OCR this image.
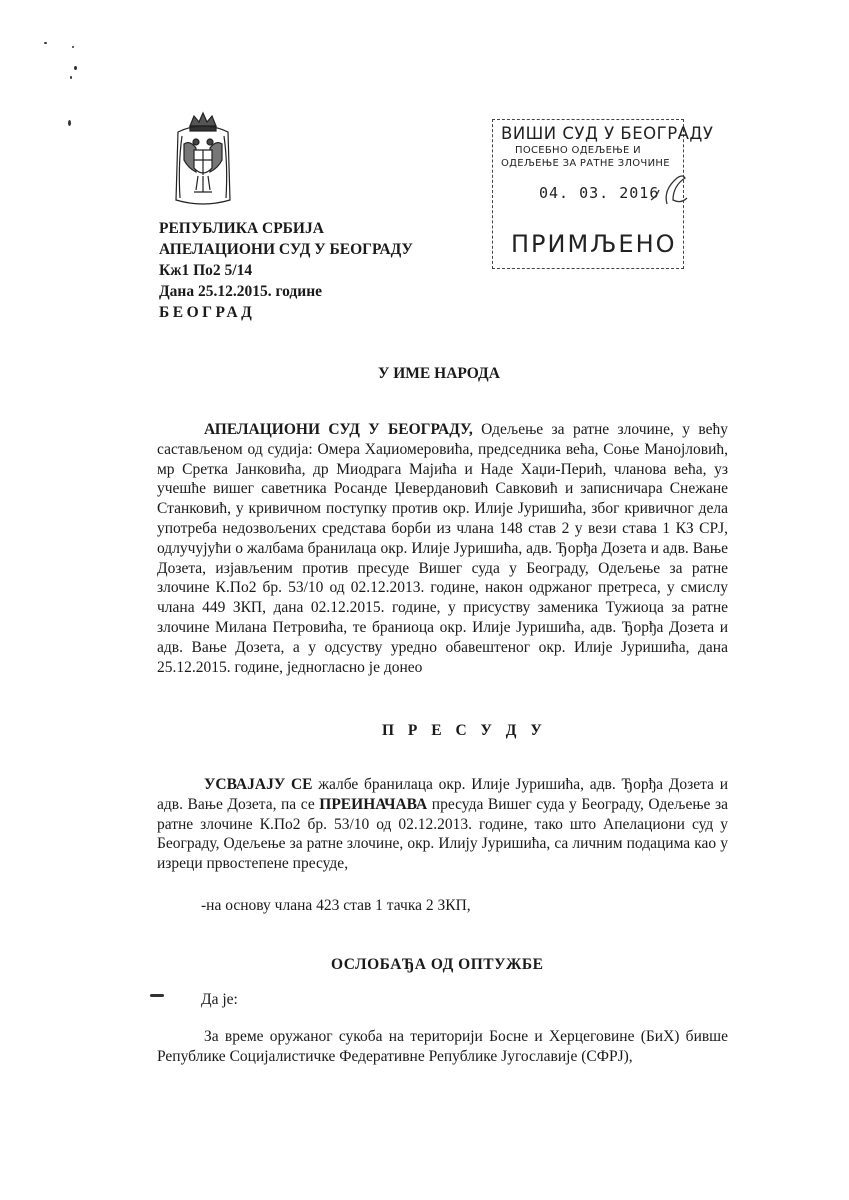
РЕПУБЛИКА СРБИЈА
АПЕЛАЦИОНИ СУД У БЕОГРАДУ
Кж1 По2 5/14
Дана 25.12.2015. године
БЕОГРАД
ВИШИ СУД У БЕОГРАДУ
ПОСЕБНО ОДЕЉЕЊЕ И
ОДЕЉЕЊЕ ЗА РАТНЕ ЗЛОЧИНЕ
04. 03. 2016
ПРИМЉЕНО
У ИМЕ НАРОДА
АПЕЛАЦИОНИ СУД У БЕОГРАДУ, Одељење за ратне злочине, у већу састављеном од судија: Омера Хаџиомеровића, председника већа, Соње Манојловић, мр Сретка Јанковића, др Миодрага Мајића и Наде Хаџи-Перић, чланова већа, уз учешће вишег саветника Росанде Џевердановић Савковић и записничара Снежане Станковић, у кривичном поступку против окр. Илије Јуришића, због кривичног дела употреба недозвољених средстава борби из члана 148 став 2 у вези става 1 КЗ СРЈ, одлучујући о жалбама бранилаца окр. Илије Јуришића, адв. Ђорђа Дозета и адв. Вање Дозета, изјављеним против пресуде Вишег суда у Београду, Одељење за ратне злочине К.По2 бр. 53/10 од 02.12.2013. године, након одржаног претреса, у смислу члана 449 ЗКП, дана 02.12.2015. године, у присуству заменика Тужиоца за ратне злочине Милана Петровића, те браниоца окр. Илије Јуришића, адв. Ђорђа Дозета и адв. Вање Дозета, а у одсуству уредно обавештеног окр. Илије Јуришића, дана 25.12.2015. године, једногласно је донео
П Р Е С У Д У
УСВАЈАЈУ СЕ жалбе бранилаца окр. Илије Јуришића, адв. Ђорђа Дозета и адв. Вање Дозета, па се ПРЕИНАЧАВА пресуда Вишег суда у Београду, Одељење за ратне злочине К.По2 бр. 53/10 од 02.12.2013. године, тако што Апелациони суд у Београду, Одељење за ратне злочине, окр. Илију Јуришића, са личним подацима као у изреци првостепене пресуде,
-на основу члана 423 став 1 тачка 2 ЗКП,
ОСЛОБАЂА ОД ОПТУЖБЕ
Да је:
За време оружаног сукоба на територији Босне и Херцеговине (БиХ) бивше Републике Социјалистичке Федеративне Републике Југославије (СФРЈ),
